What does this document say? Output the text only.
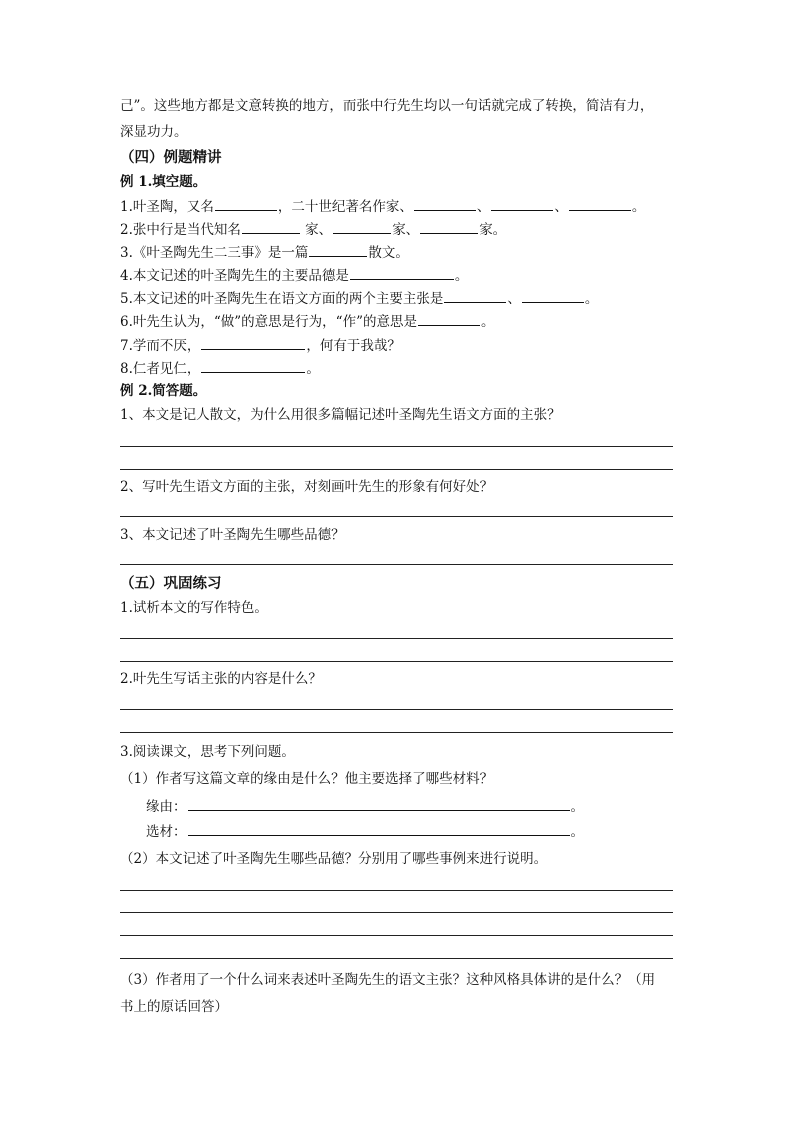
己”。这些地方都是文意转换的地方，而张中行先生均以一句话就完成了转换，简洁有力，
深显功力。
（四）例题精讲
例 1.填空题。
1.叶圣陶，又名	，二十世纪著名作家、	、	、	。
2.张中行是当代知名	家、	家、	家。
3.《叶圣陶先生二三事》是一篇	散文。
4.本文记述的叶圣陶先生的主要品德是	。
5.本文记述的叶圣陶先生在语文方面的两个主要主张是	、	。
6.叶先生认为，“做”的意思是行为，“作”的意思是	。
7.学而不厌，	，何有于我哉？
8.仁者见仁，	。
例 2.简答题。
1、本文是记人散文，为什么用很多篇幅记述叶圣陶先生语文方面的主张？
2、写叶先生语文方面的主张，对刻画叶先生的形象有何好处？
3、本文记述了叶圣陶先生哪些品德？
（五）巩固练习
1.试析本文的写作特色。
2.叶先生写话主张的内容是什么？
3.阅读课文，思考下列问题。
（1）作者写这篇文章的缘由是什么？他主要选择了哪些材料？
缘由：	。
选材：	。
（2）本文记述了叶圣陶先生哪些品德？分别用了哪些事例来进行说明。
（3）作者用了一个什么词来表述叶圣陶先生的语文主张？这种风格具体讲的是什么？（用
书上的原话回答）
